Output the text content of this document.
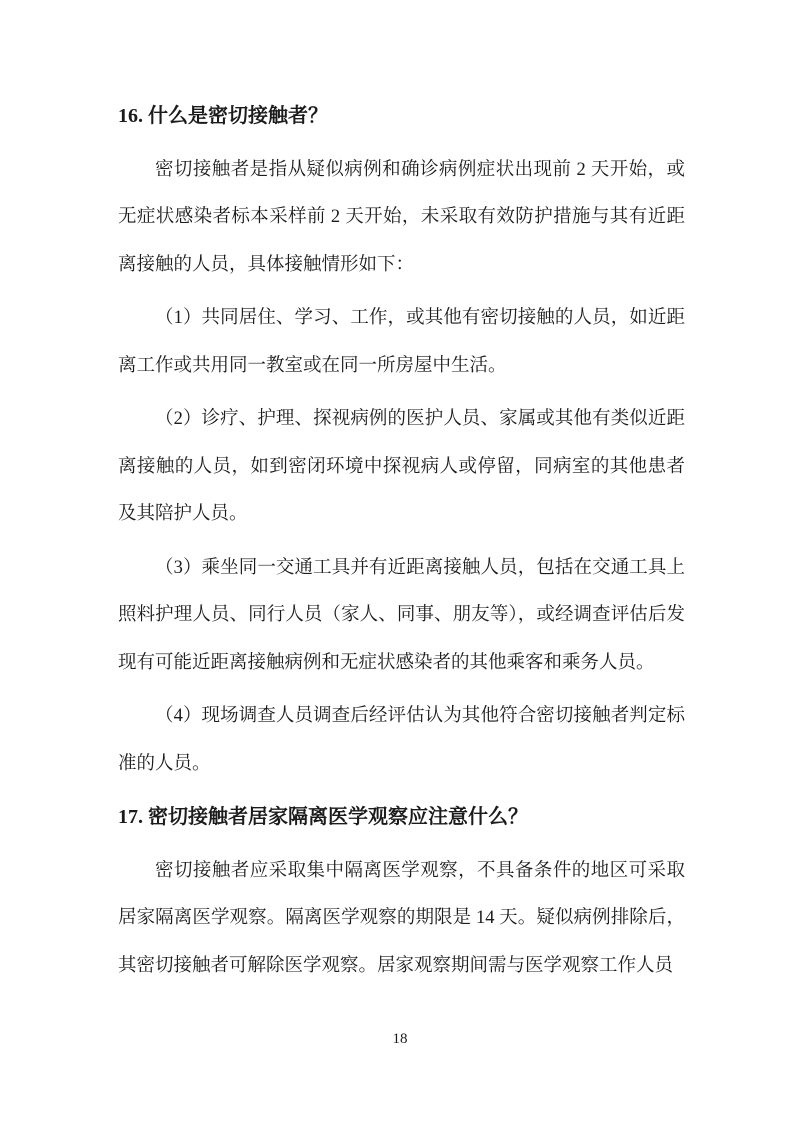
16. 什么是密切接触者？

密切接触者是指从疑似病例和确诊病例症状出现前 2 天开始，或无症状感染者标本采样前 2 天开始，未采取有效防护措施与其有近距离接触的人员，具体接触情形如下：

（1）共同居住、学习、工作，或其他有密切接触的人员，如近距离工作或共用同一教室或在同一所房屋中生活。

（2）诊疗、护理、探视病例的医护人员、家属或其他有类似近距离接触的人员，如到密闭环境中探视病人或停留，同病室的其他患者及其陪护人员。

（3）乘坐同一交通工具并有近距离接触人员，包括在交通工具上照料护理人员、同行人员（家人、同事、朋友等），或经调查评估后发现有可能近距离接触病例和无症状感染者的其他乘客和乘务人员。

（4）现场调查人员调查后经评估认为其他符合密切接触者判定标准的人员。

17. 密切接触者居家隔离医学观察应注意什么？

密切接触者应采取集中隔离医学观察，不具备条件的地区可采取居家隔离医学观察。隔离医学观察的期限是 14 天。疑似病例排除后，其密切接触者可解除医学观察。居家观察期间需与医学观察工作人员

18
